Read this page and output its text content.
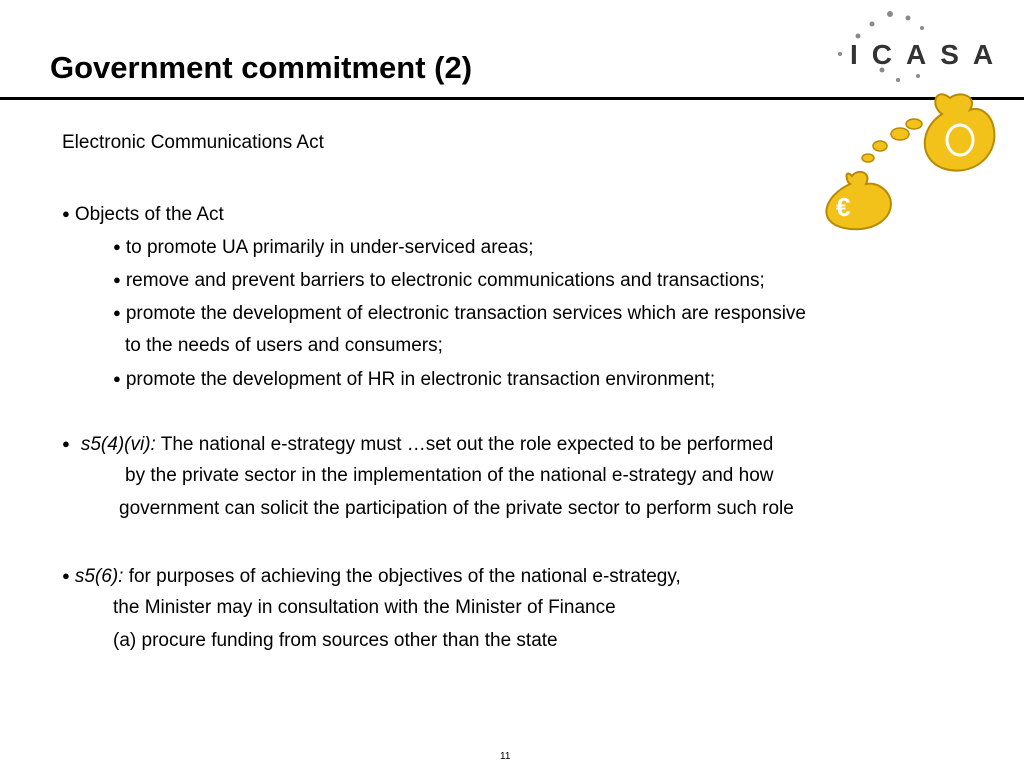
Government commitment (2)	ICASA
€
Electronic Communications Act
● Objects of the Act
● to promote UA primarily in under-serviced areas;
● remove and prevent barriers to electronic communications and transactions;
● promote the development of electronic transaction services which are responsive
to the needs of users and consumers;
● promote the development of HR in electronic transaction environment;
● s5(4)(vi): The national e-strategy must …set out the role expected to be performed
by the private sector in the implementation of the national e-strategy and how
government can solicit the participation of the private sector to perform such role
● s5(6): for purposes of achieving the objectives of the national e-strategy,
the Minister may in consultation with the Minister of Finance
(a) procure funding from sources other than the state
11
